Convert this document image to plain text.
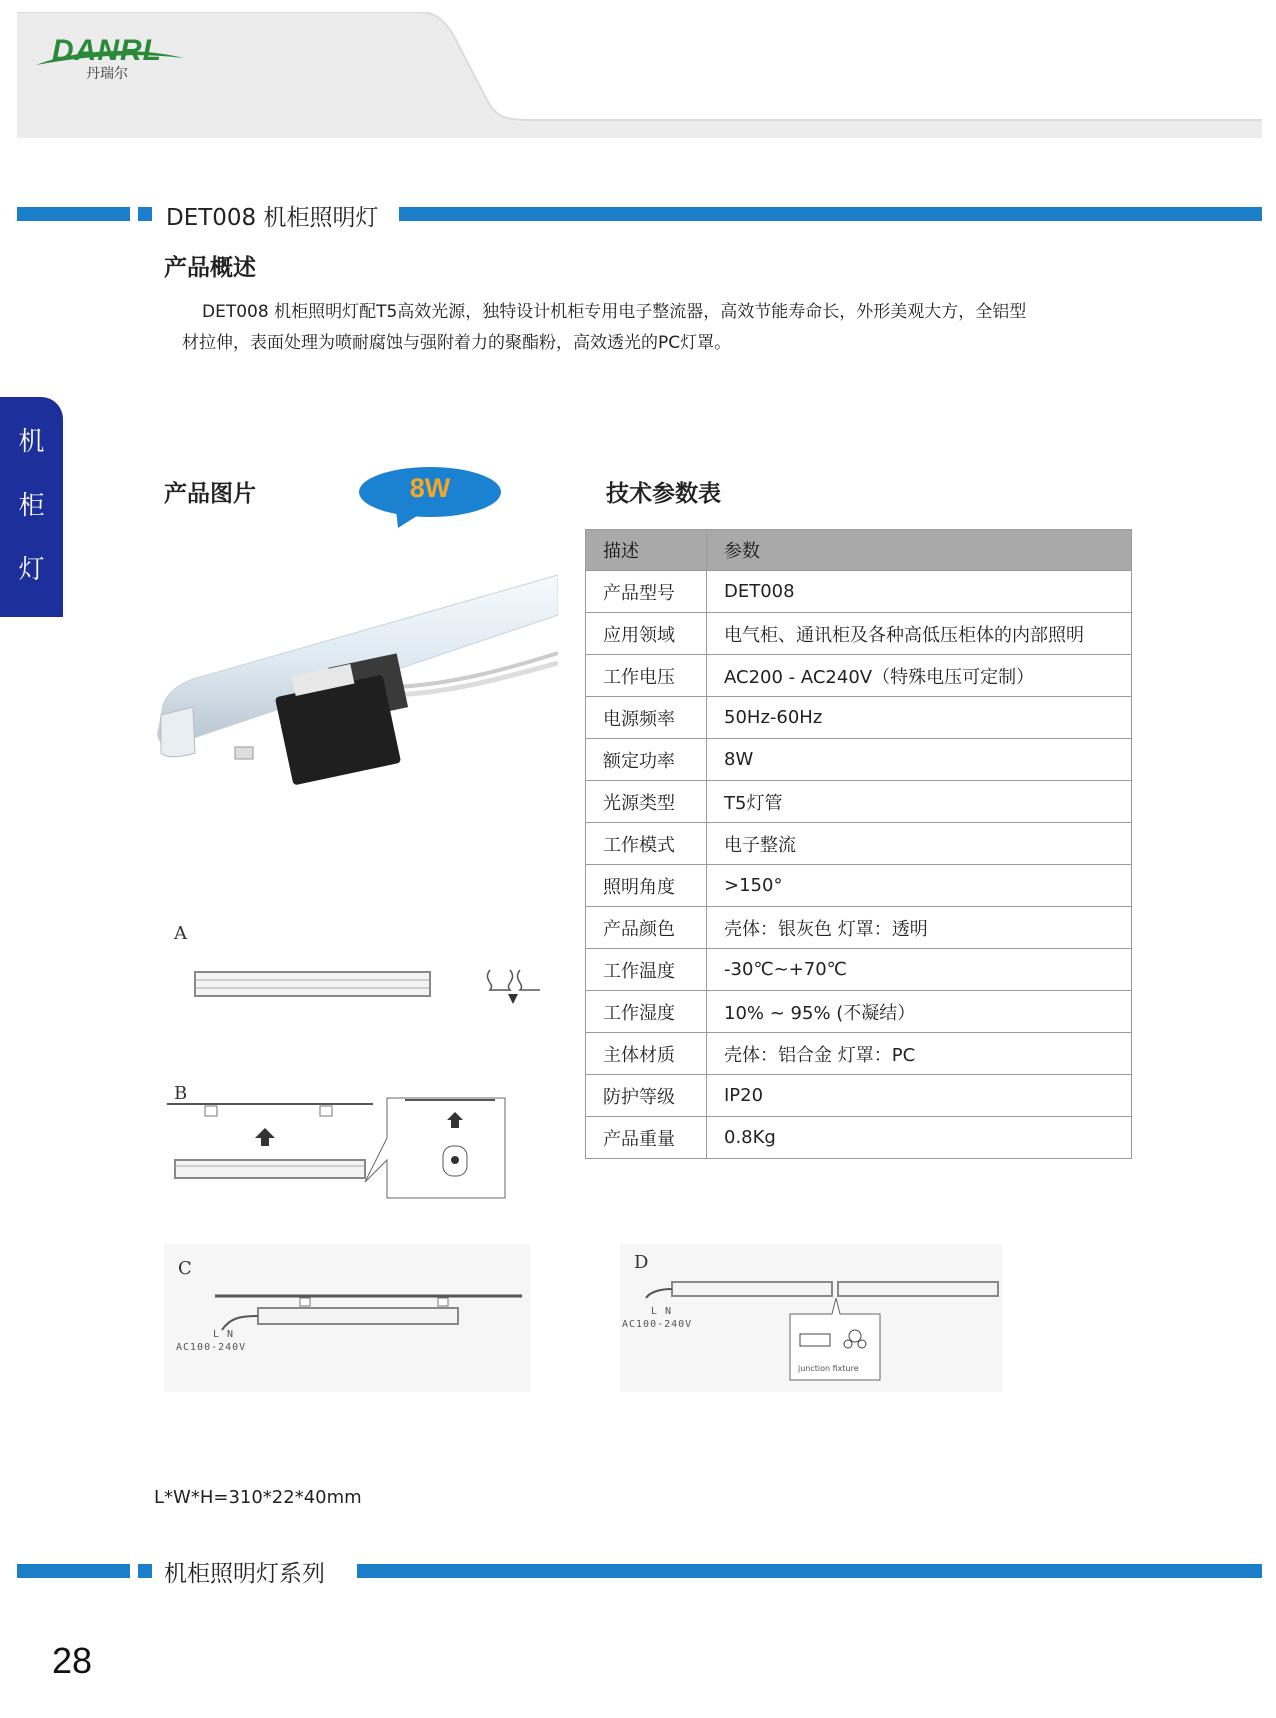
DANRL
丹瑞尔
DET008 机柜照明灯
产品概述

DET008 机柜照明灯配T5高效光源，独特设计机柜专用电子整流器，高效节能寿命长，外形美观大方，全铝型

材拉伸，表面处理为喷耐腐蚀与强附着力的聚酯粉，高效透光的PC灯罩。

机
柜
灯
产品图片	8W
A
B
C
L N
AC100-240V
D
L N
AC100-240V
junction fixture
技术参数表
描述	参数
产品型号	DET008
应用领域	电气柜、通讯柜及各种高低压柜体的内部照明
工作电压	AC200 - AC240V（特殊电压可定制）
电源频率	50Hz-60Hz
额定功率	8W
光源类型	T5灯管
工作模式	电子整流
照明角度	>150°
产品颜色	壳体：银灰色 灯罩：透明
工作温度	-30℃~+70℃
工作湿度	10% ~ 95% (不凝结）
主体材质	壳体：铝合金 灯罩：PC
防护等级	IP20
产品重量	0.8Kg
L*W*H=310*22*40mm
机柜照明灯系列
28
